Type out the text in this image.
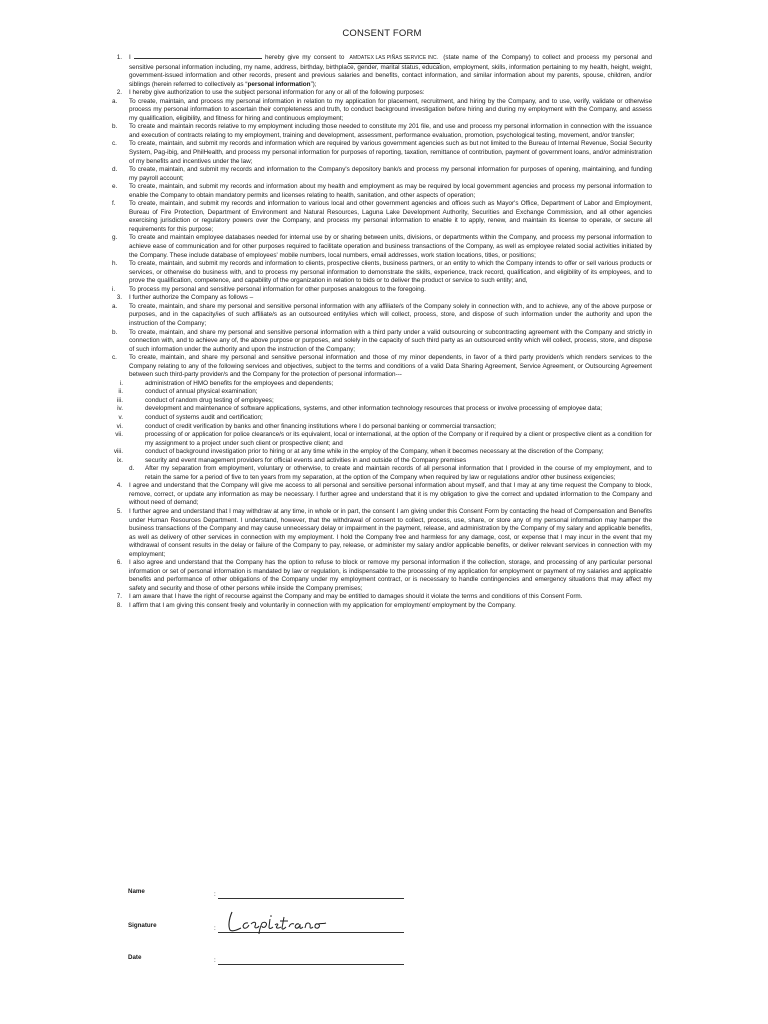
CONSENT FORM
1. I	hereby give my consent to AMDATEX LAS PIÑAS SERVICE INC. (state name of the Company) to collect and process my personal and sensitive personal information including, my name, address, birthday, birthplace, gender, marital status, education, employment, skills, information pertaining to my health, height, weight, government-issued information and other records, present and previous salaries and benefits, contact information, and similar information about my parents, spouse, children, and/or siblings (herein referred to collectively as “personal information”);
2. I hereby give authorization to use the subject personal information for any or all of the following purposes:
a.	To create, maintain, and process my personal information in relation to my application for placement, recruitment, and hiring by the Company, and to use, verify, validate or otherwise process my personal information to ascertain their completeness and truth, to conduct background investigation before hiring and during my employment with the Company, and assess my qualification, eligibility, and fitness for hiring and continuous employment;
b.	To create and maintain records relative to my employment including those needed to constitute my 201 file, and use and process my personal information in connection with the issuance and execution of contracts relating to my employment, training and development, assessment, performance evaluation, promotion, psychological testing, movement, and/or transfer;
c.	To create, maintain, and submit my records and information which are required by various government agencies such as but not limited to the Bureau of Internal Revenue, Social Security System, Pag-ibig, and PhilHealth, and process my personal information for purposes of reporting, taxation, remittance of contribution, payment of government loans, and/or administration of my benefits and incentives under the law;
d.	To create, maintain, and submit my records and information to the Company's depository bank/s and process my personal information for purposes of opening, maintaining, and funding my payroll account;
e.	To create, maintain, and submit my records and information about my health and employment as may be required by local government agencies and process my personal information to enable the Company to obtain mandatory permits and licenses relating to health, sanitation, and other aspects of operation;
f.	To create, maintain, and submit my records and information to various local and other government agencies and offices such as Mayor's Office, Department of Labor and Employment, Bureau of Fire Protection, Department of Environment and Natural Resources, Laguna Lake Development Authority, Securities and Exchange Commission, and all other agencies exercising jurisdiction or regulatory powers over the Company, and process my personal information to enable it to apply, renew, and maintain its license to operate, or secure all requirements for this purpose;
g.	To create and maintain employee databases needed for internal use by or sharing between units, divisions, or departments within the Company, and process my personal information to achieve ease of communication and for other purposes required to facilitate operation and business transactions of the Company, as well as employee related social activities initiated by the Company. These include database of employees' mobile numbers, local numbers, email addresses, work station locations, titles, or positions;
h.	To create, maintain, and submit my records and information to clients, prospective clients, business partners, or an entity to which the Company intends to offer or sell various products or services, or otherwise do business with, and to process my personal information to demonstrate the skills, experience, track record, qualification, and eligibility of its employees, and to prove the qualification, competence, and capability of the organization in relation to bids or to deliver the product or service to such entity; and,
i.	To process my personal and sensitive personal information for other purposes analogous to the foregoing.
3. I further authorize the Company as follows –
a.	To create, maintain, and share my personal and sensitive personal information with any affiliate/s of the Company solely in connection with, and to achieve, any of the above purpose or purposes, and in the capacity/ies of such affiliate/s as an outsourced entity/ies which will collect, process, store, and dispose of such information under the authority and upon the instruction of the Company;
b.	To create, maintain, and share my personal and sensitive personal information with a third party under a valid outsourcing or subcontracting agreement with the Company and strictly in connection with, and to achieve any of, the above purpose or purposes, and solely in the capacity of such third party as an outsourced entity which will collect, process, store, and dispose of such information under the authority and upon the instruction of the Company;
c.	To create, maintain, and share my personal and sensitive personal information and those of my minor dependents, in favor of a third party provider/s which renders services to the Company relating to any of the following services and objectives, subject to the terms and conditions of a valid Data Sharing Agreement, Service Agreement, or Outsourcing Agreement between such third-party provider/s and the Company for the protection of personal information---
i.	administration of HMO benefits for the employees and dependents;
ii.	conduct of annual physical examination;
iii.	conduct of random drug testing of employees;
iv.	development and maintenance of software applications, systems, and other information technology resources that process or involve processing of employee data;
v.	conduct of systems audit and certification;
vi.	conduct of credit verification by banks and other financing institutions where I do personal banking or commercial transaction;
vii.	processing of or application for police clearance/s or its equivalent, local or international, at the option of the Company or if required by a client or prospective client as a condition for my assignment to a project under such client or prospective client; and
viii.	conduct of background investigation prior to hiring or at any time while in the employ of the Company, when it becomes necessary at the discretion of the Company;
ix.	security and event management providers for official events and activities in and outside of the Company premises
d.	After my separation from employment, voluntary or otherwise, to create and maintain records of all personal information that I provided in the course of my employment, and to retain the same for a period of five to ten years from my separation, at the option of the Company when required by law or regulations and/or other business exigencies;
4. I agree and understand that the Company will give me access to all personal and sensitive personal information about myself, and that I may at any time request the Company to block, remove, correct, or update any information as may be necessary. I further agree and understand that it is my obligation to give the correct and updated information to the Company and without need of demand;
5. I further agree and understand that I may withdraw at any time, in whole or in part, the consent I am giving under this Consent Form by contacting the head of Compensation and Benefits under Human Resources Department. I understand, however, that the withdrawal of consent to collect, process, use, share, or store any of my personal information may hamper the business transactions of the Company and may cause unnecessary delay or impairment in the payment, release, and administration by the Company of my salary and applicable benefits, as well as delivery of other services in connection with my employment. I hold the Company free and harmless for any damage, cost, or expense that I may incur in the event that my withdrawal of consent results in the delay or failure of the Company to pay, release, or administer my salary and/or applicable benefits, or deliver relevant services in connection with my employment;
6. I also agree and understand that the Company has the option to refuse to block or remove my personal information if the collection, storage, and processing of any particular personal information or set of personal information is mandated by law or regulation, is indispensable to the processing of my application for employment or payment of my salaries and applicable benefits and performance of other obligations of the Company under my employment contract, or is necessary to handle contingencies and emergency situations that may affect my safety and security and those of other persons while inside the Company premises;
7. I am aware that I have the right of recourse against the Company and may be entitled to damages should it violate the terms and conditions of this Consent Form.
8. I affirm that I am giving this consent freely and voluntarily in connection with my application for employment/ employment by the Company.
Name	:
Signature	:
Date	:
